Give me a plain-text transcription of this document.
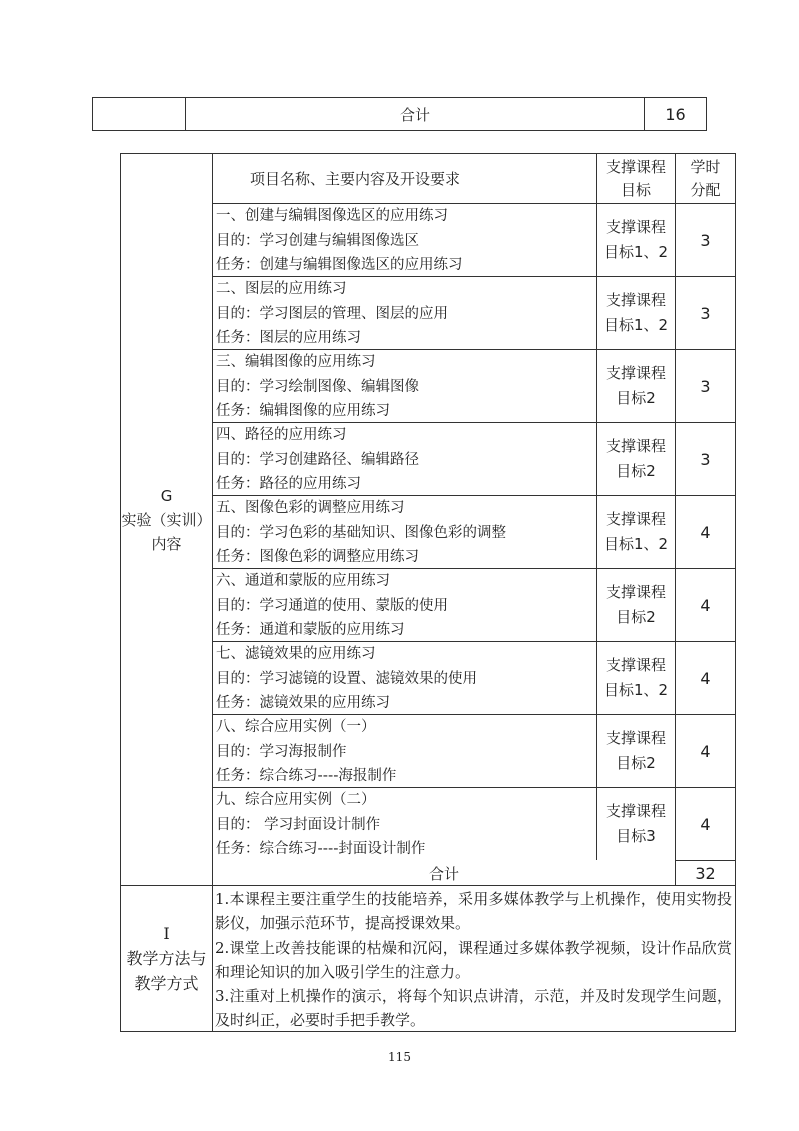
合计	16
G
实验（实训）
内容
项目名称、主要内容及开设要求
支撑课程
目标
学时
分配
一、创建与编辑图像选区的应用练习
目的：学习创建与编辑图像选区
任务：创建与编辑图像选区的应用练习
支撑课程
目标1、2
3
二、图层的应用练习
目的：学习图层的管理、图层的应用
任务：图层的应用练习
支撑课程
目标1、2
3
三、编辑图像的应用练习
目的：学习绘制图像、编辑图像
任务：编辑图像的应用练习
支撑课程
目标2
3
四、路径的应用练习
目的：学习创建路径、编辑路径
任务：路径的应用练习
支撑课程
目标2
3
五、图像色彩的调整应用练习
目的：学习色彩的基础知识、图像色彩的调整
任务：图像色彩的调整应用练习
支撑课程
目标1、2
4
六、通道和蒙版的应用练习
目的：学习通道的使用、蒙版的使用
任务：通道和蒙版的应用练习
支撑课程
目标2
4
七、滤镜效果的应用练习
目的：学习滤镜的设置、滤镜效果的使用
任务：滤镜效果的应用练习
支撑课程
目标1、2
4
八、综合应用实例（一）
目的：学习海报制作
任务：综合练习----海报制作
支撑课程
目标2
4
九、综合应用实例（二）
目的： 学习封面设计制作
任务：综合练习----封面设计制作
支撑课程
目标3
4
合计	32
I
教学方法与
教学方式

1.本课程主要注重学生的技能培养，采用多媒体教学与上机操作，使用实物投影仪，加强示范环节，提高授课效果。

2.课堂上改善技能课的枯燥和沉闷，课程通过多媒体教学视频，设计作品欣赏和理论知识的加入吸引学生的注意力。

3.注重对上机操作的演示，将每个知识点讲清，示范，并及时发现学生问题，及时纠正，必要时手把手教学。

115
